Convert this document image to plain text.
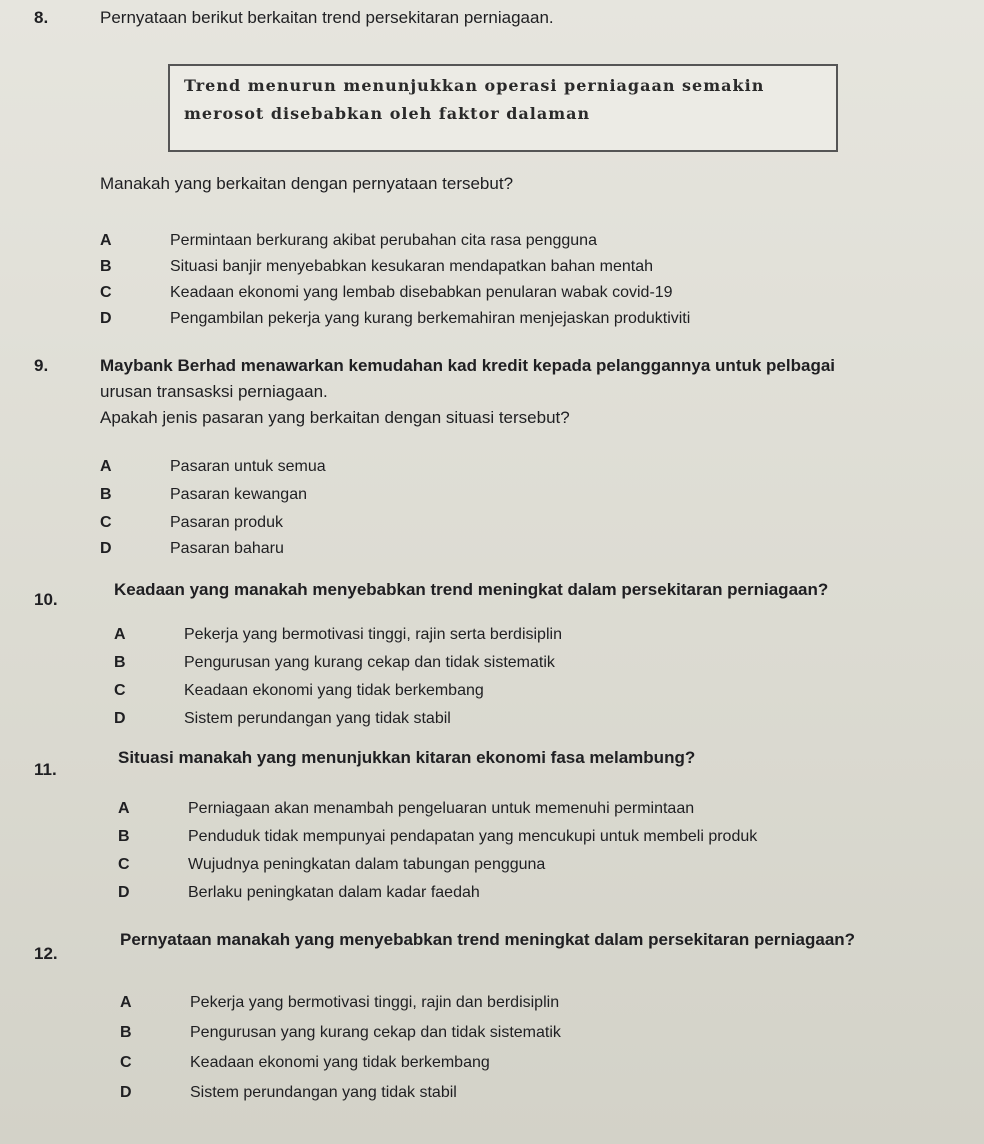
8.	Pernyataan berikut berkaitan trend persekitaran perniagaan.
Trend menurun menunjukkan operasi perniagaan semakin
merosot disebabkan oleh faktor dalaman
Manakah yang berkaitan dengan pernyataan tersebut?
A	Permintaan berkurang akibat perubahan cita rasa pengguna
B	Situasi banjir menyebabkan kesukaran mendapatkan bahan mentah
C	Keadaan ekonomi yang lembab disebabkan penularan wabak covid-19
D	Pengambilan pekerja yang kurang berkemahiran menjejaskan produktiviti
9.	Maybank Berhad menawarkan kemudahan kad kredit kepada pelanggannya untuk pelbagai
urusan transasksi perniagaan.
Apakah jenis pasaran yang berkaitan dengan situasi tersebut?
A	Pasaran untuk semua
B	Pasaran kewangan
C	Pasaran produk
D	Pasaran baharu
10.
Keadaan yang manakah menyebabkan trend meningkat dalam persekitaran perniagaan?
A	Pekerja yang bermotivasi tinggi, rajin serta berdisiplin
B	Pengurusan yang kurang cekap dan tidak sistematik
C	Keadaan ekonomi yang tidak berkembang
D	Sistem perundangan yang tidak stabil
11.
Situasi manakah yang menunjukkan kitaran ekonomi fasa melambung?
A	Perniagaan akan menambah pengeluaran untuk memenuhi permintaan
B	Penduduk tidak mempunyai pendapatan yang mencukupi untuk membeli produk
C	Wujudnya peningkatan dalam tabungan pengguna
D	Berlaku peningkatan dalam kadar faedah
12.
Pernyataan manakah yang menyebabkan trend meningkat dalam persekitaran perniagaan?
A	Pekerja yang bermotivasi tinggi, rajin dan berdisiplin
B	Pengurusan yang kurang cekap dan tidak sistematik
C	Keadaan ekonomi yang tidak berkembang
D	Sistem perundangan yang tidak stabil
